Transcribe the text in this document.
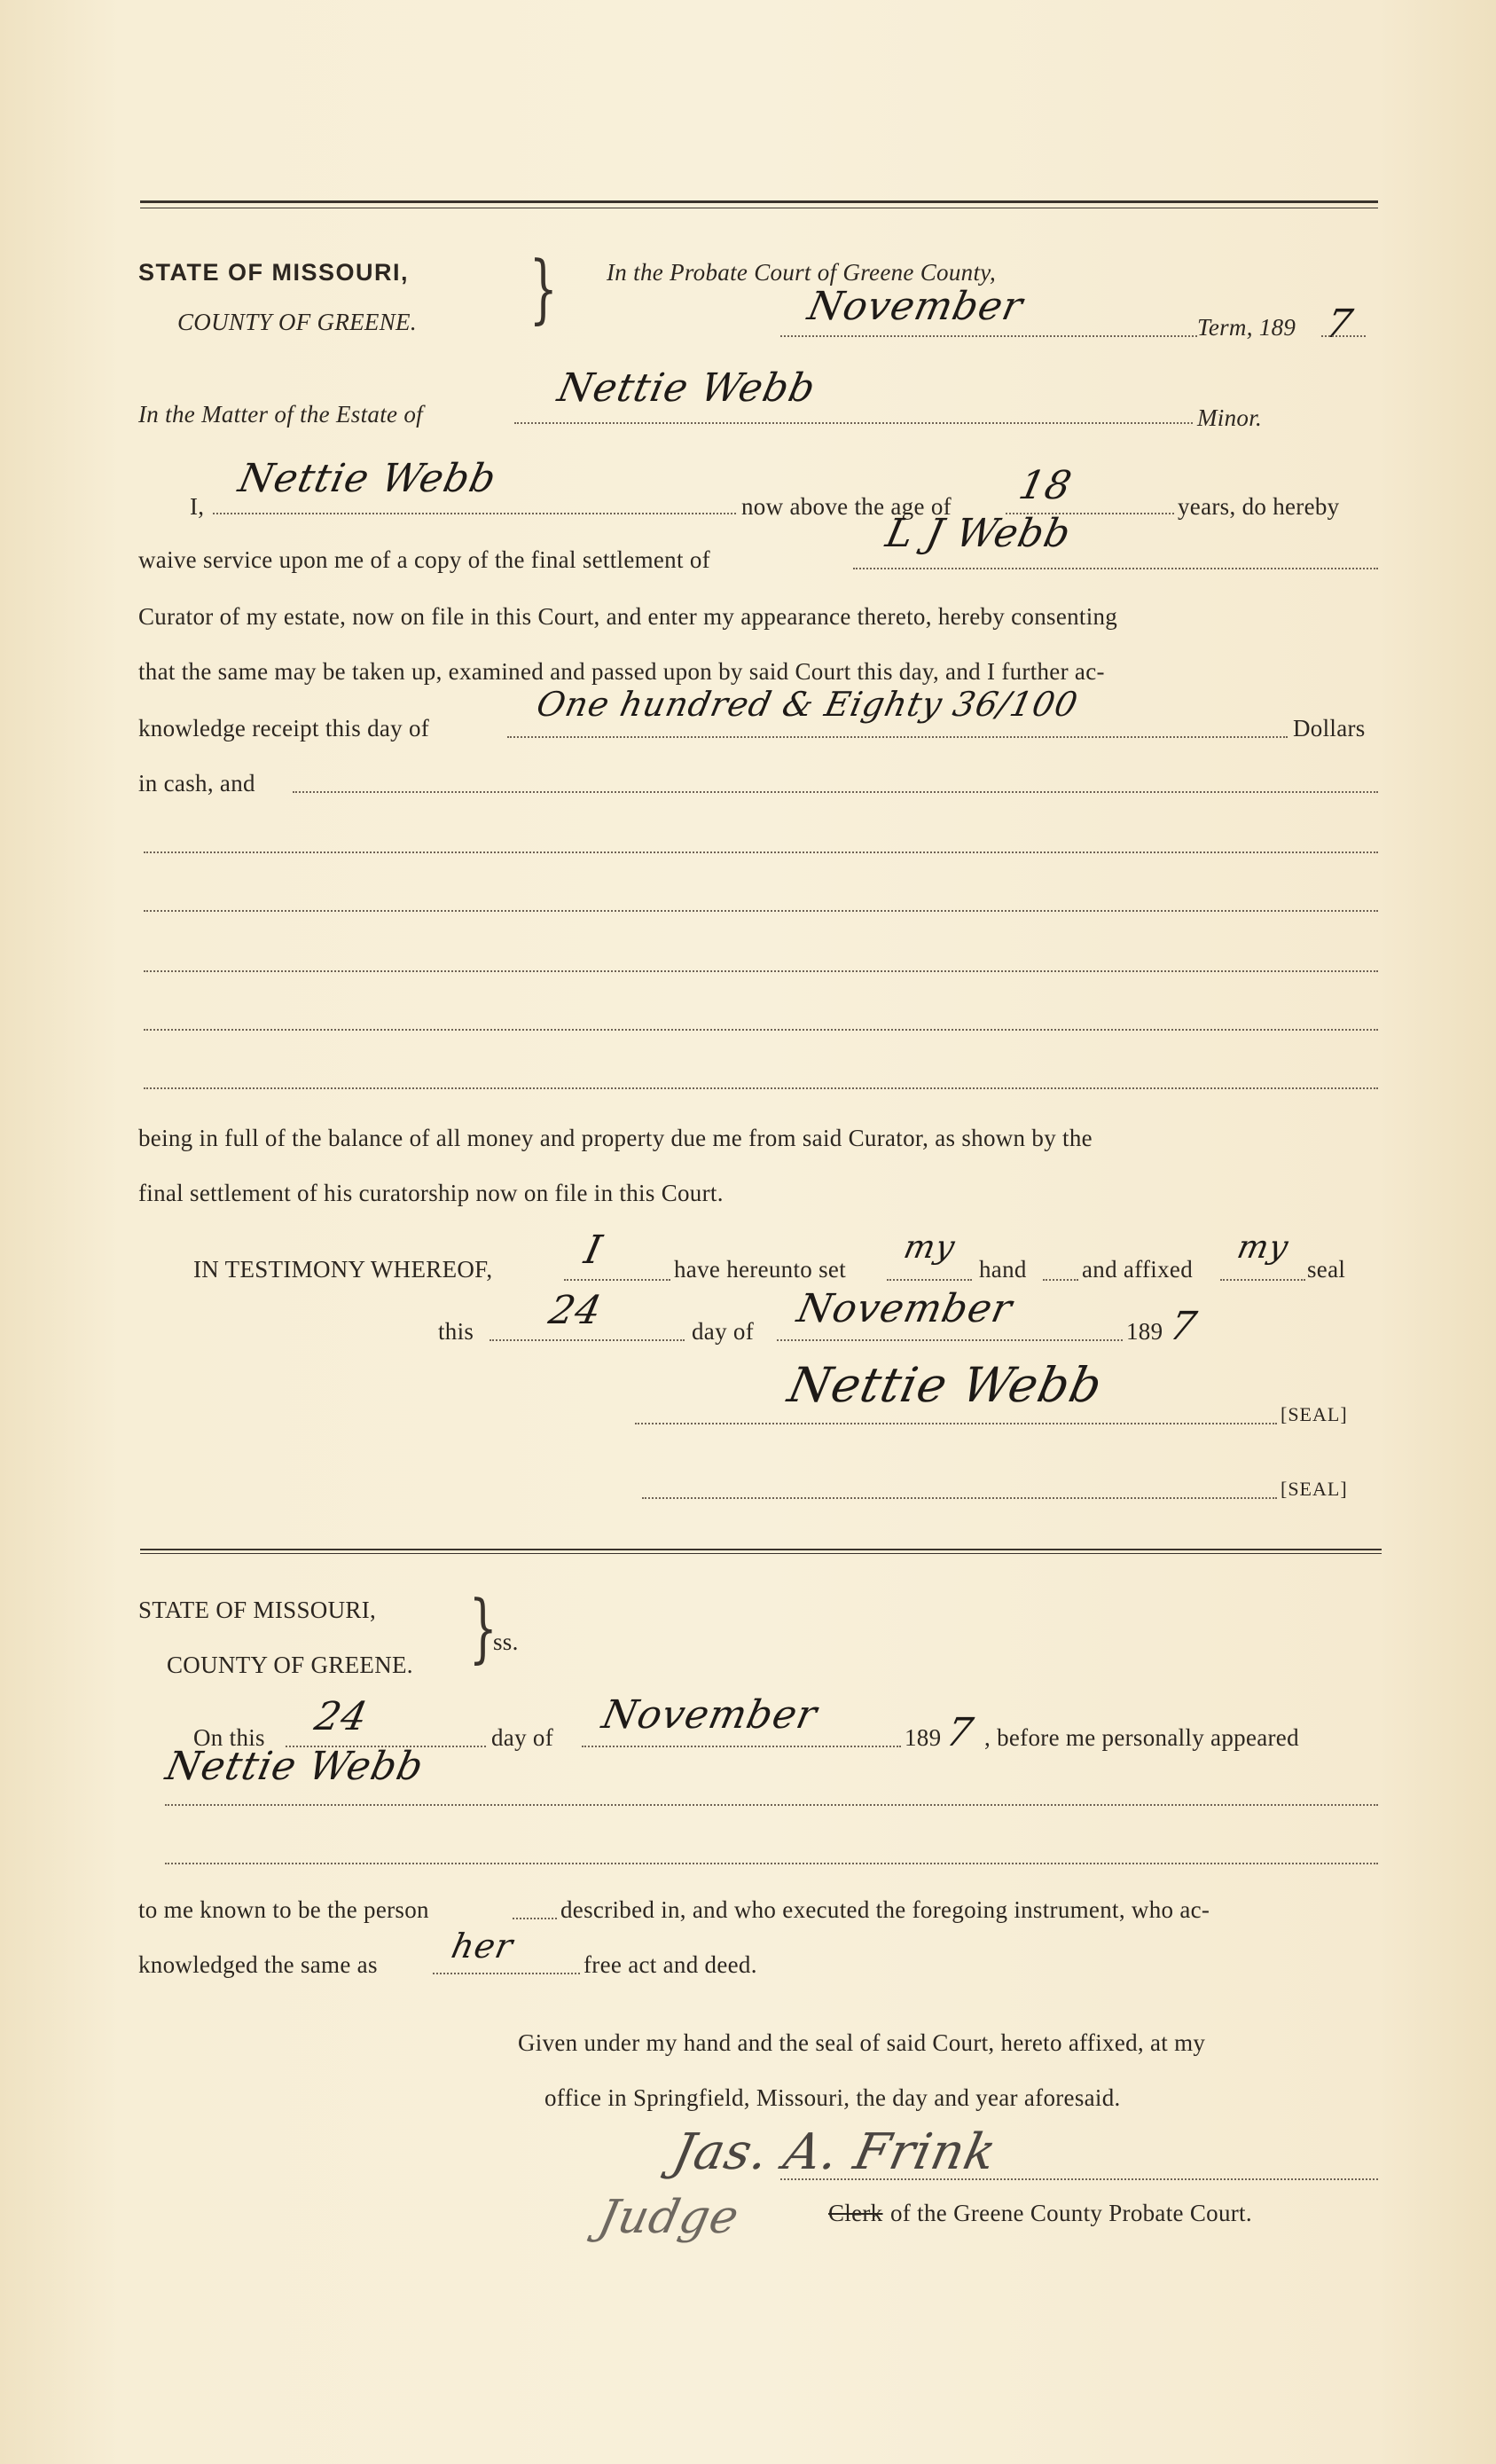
STATE OF MISSOURI,
COUNTY OF GREENE. } In the Probate Court of Greene County,
November	Term, 189 7
In the Matter of the Estate of
Nettie Webb
Minor.
I,
Nettie Webb
now above the age of 18	years, do hereby
waive service upon me of a copy of the final settlement of
L J Webb
Curator of my estate, now on file in this Court, and enter my appearance thereto, hereby consenting
that the same may be taken up, examined and passed upon by said Court this day, and I further ac-
knowledge receipt this day of
One hundred & Eighty 36/100
Dollars
in cash, and
being in full of the balance of all money and property due me from said Curator, as shown by the
final settlement of his curatorship now on file in this Court.
IN TESTIMONY WHEREOF, I	have hereunto set
my
hand and affixed
my
seal
this 24	day of November	189 7
Nettie Webb
[SEAL]
[SEAL]
STATE OF MISSOURI,
COUNTY OF GREENE. }
ss.
On this 24	day of November	189 7 , before me personally appeared
Nettie Webb
to me known to be the person	described in, and who executed the foregoing instrument, who ac-
knowledged the same as her	free act and deed.
Given under my hand and the seal of said Court, hereto affixed, at my
office in Springfield, Missouri, the day and year aforesaid.
Jas. A. Frink
Judge	Clerk of the Greene County Probate Court.
